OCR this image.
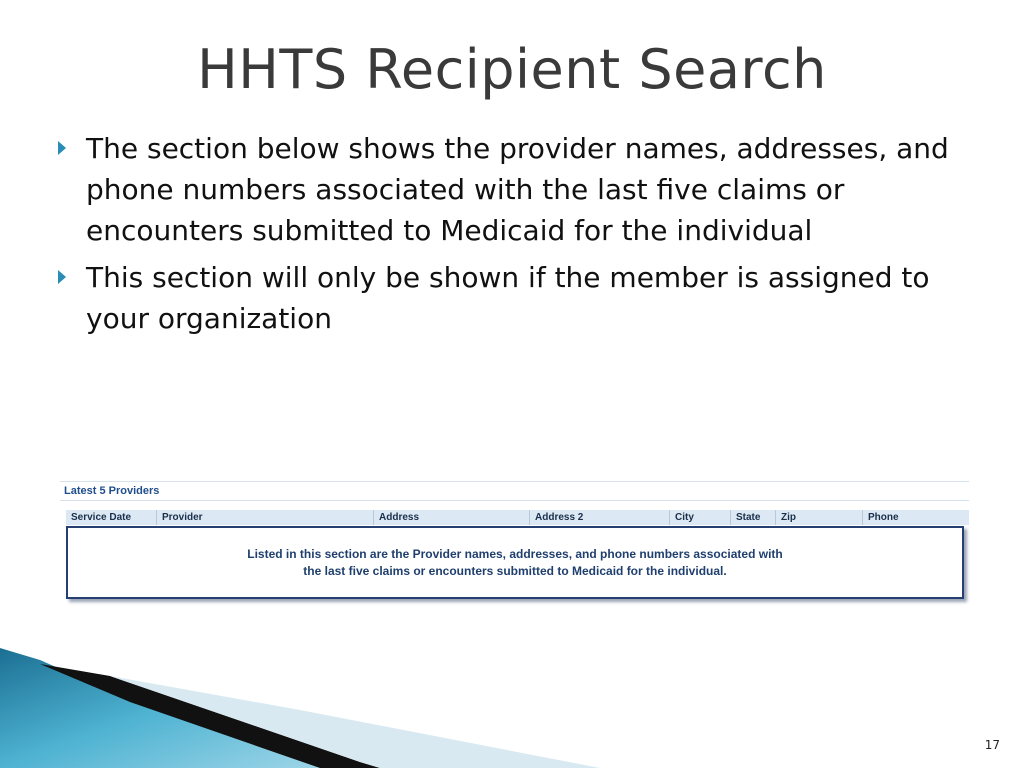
HHTS Recipient Search
The section below shows the provider names, addresses, and phone numbers associated with the last five claims or encounters submitted to Medicaid for the individual
This section will only be shown if the member is assigned to your organization
Latest 5 Providers
Service Date	Provider	Address	Address 2	City	State	Zip	Phone
Listed in this section are the Provider names, addresses, and phone numbers associated with
the last five claims or encounters submitted to Medicaid for the individual.
17
